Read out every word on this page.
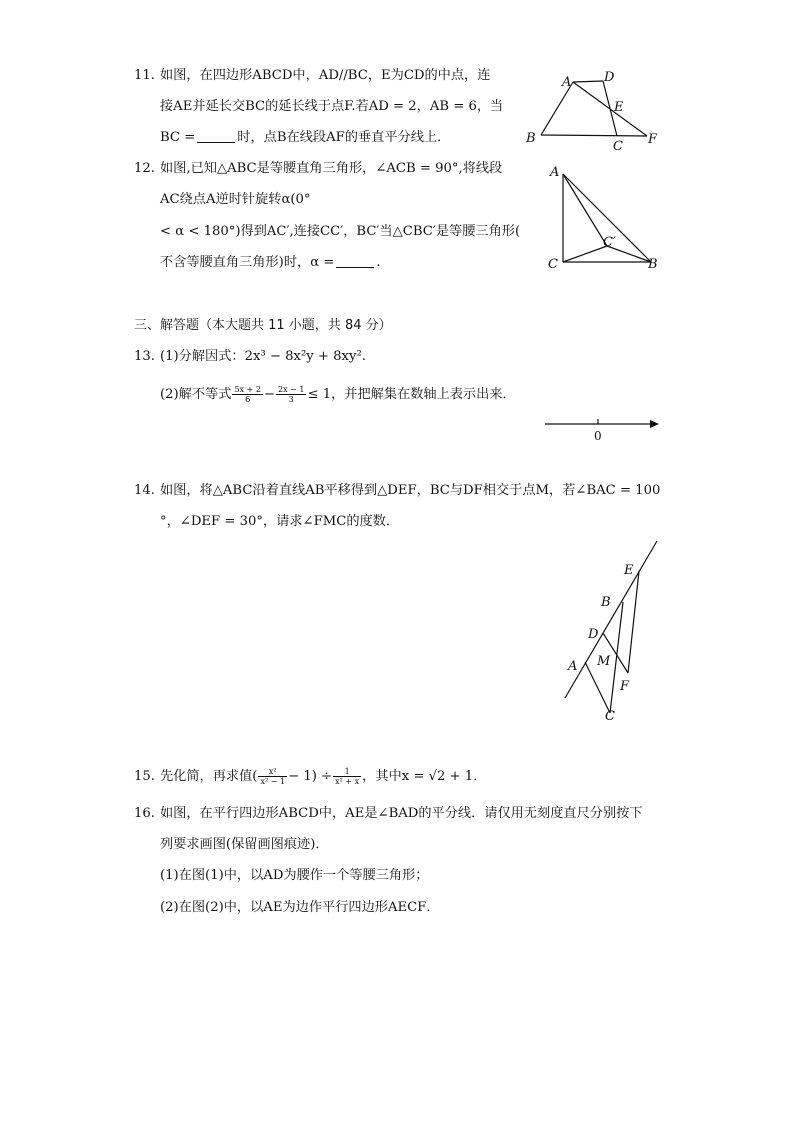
11. 如图，在四边形ABCD中，AD//BC，E为CD的中点，连
接AE并延长交BC的延长线于点F.若AD = 2，AB = 6，当
BC =	时，点B在线段AF的垂直平分线上．
A	D
E
B
C F
12. 如图,已知△ABC是等腰直角三角形，∠ACB = 90°,将线段
AC绕点A逆时针旋转α(0°
< α < 180°)得到AC′,连接CC′，BC′当△CBC′是等腰三角形(
不含等腰直角三角形)时，α =	.
A
C	B
C′
三、解答题（本大题共 11 小题，共 84 分）
13. (1)分解因式：2x³ − 8x²y + 8xy².
(2)解不等式 $\frac{5x + 2}{6} - \frac{2x - 1}{3} \le 1$，并把解集在数轴上表示出来．
0
14. 如图，将△ABC沿着直线AB平移得到△DEF，BC与DF相交于点M，若∠BAC = 100
°，∠DEF = 30°，请求∠FMC的度数．
E
B
D
M
A
F
C
15. 先化简，再求值( $\frac{\text{x²}}{\text{x² − 1}} - 1) \div \frac{1}{\text{x² + x}}$ ，其中x = √2 + 1．
16. 如图，在平行四边形ABCD中，AE是∠BAD的平分线．请仅用无刻度直尺分别按下
列要求画图(保留画图痕迹)．
(1)在图(1)中，以AD为腰作一个等腰三角形；
(2)在图(2)中，以AE为边作平行四边形AECF．
